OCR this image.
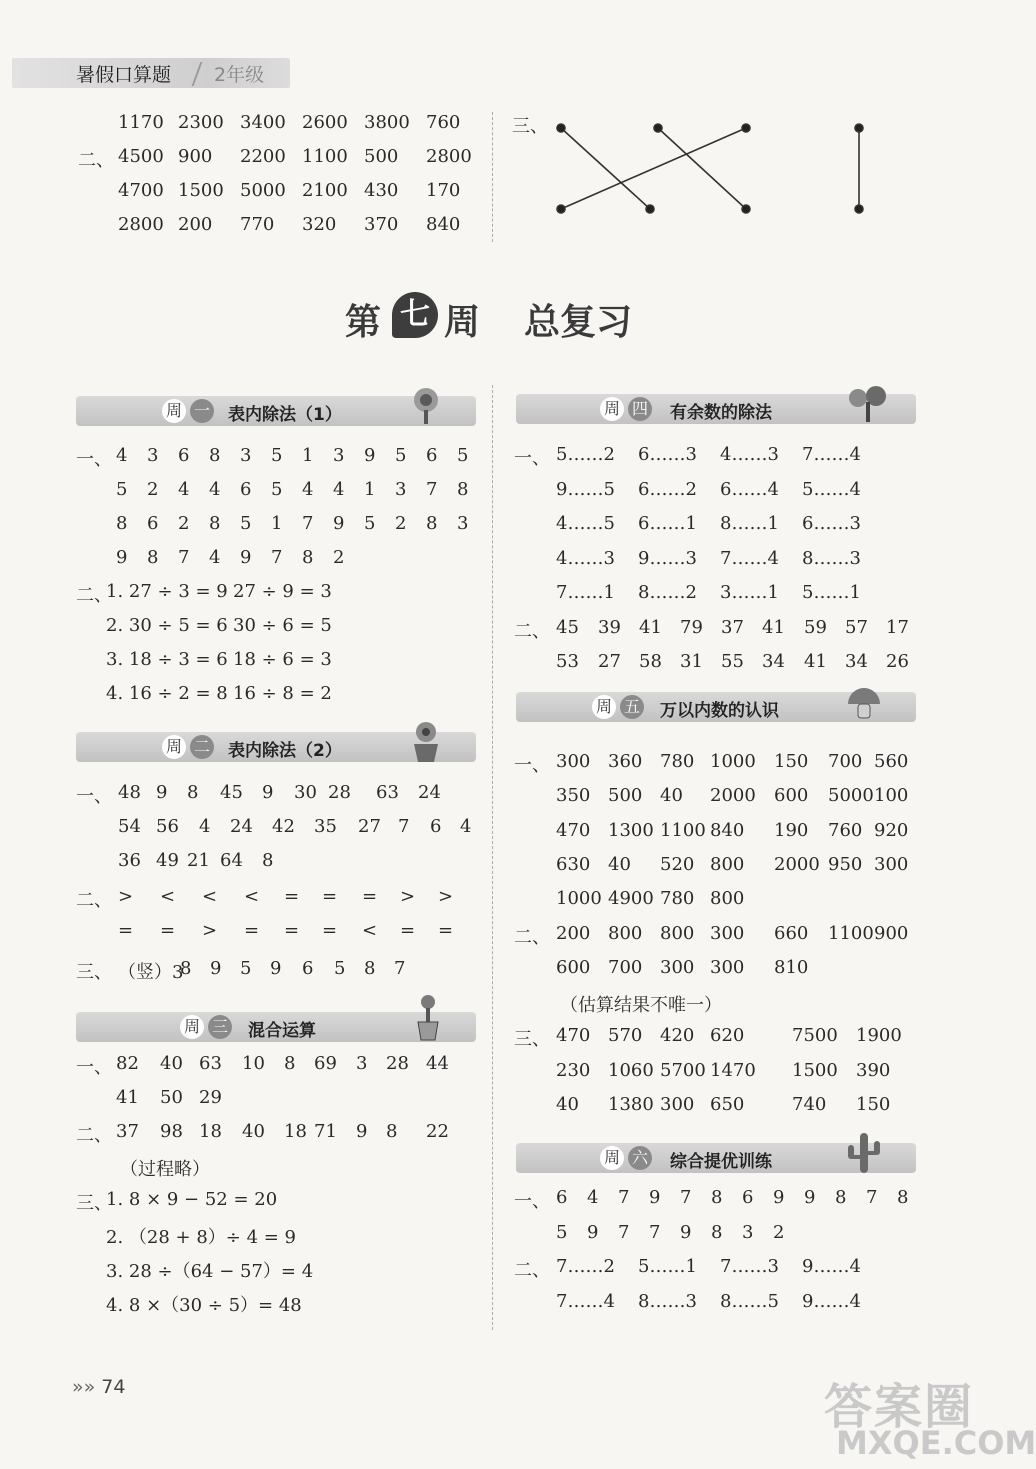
暑假口算题 2年级
1170 2300 3400 2600 3800 760
二、 4500 900 2200 1100 500 2800
4700 1500 5000 2100 430 170
2800 200 770 320 370 840
三、
第 七 周 总复习
周 一 表内除法（1）
周 二 表内除法（2）
周 三 混合运算
周 四 有余数的除法
周 五 万以内数的认识
周 六 综合提优训练
一、 4 3 6 8 3 5 1 3 9 5 6 5
5 2 4 4 6 5 4 4 1 3 7 8
8 6 2 8 5 1 7 9 5 2 8 3
9 8 7 4 9 7 8 2
二、
1. 27 ÷ 3 = 9 27 ÷ 9 = 3
2. 30 ÷ 5 = 6 30 ÷ 6 = 5
3. 18 ÷ 3 = 6 18 ÷ 6 = 3
4. 16 ÷ 2 = 8 16 ÷ 8 = 2
一、 48 9 8 45 9 30 28 63 24
54 56 4 24 42 35 27 7 6 4
36 49 21 64 8
二、 > < < < = = = > >
= = > = = = < = =
三、 （竖）3
8 9 5 9 6 5 8 7
一、 82 40 63 10 8 69 3 28 44
41 50 29
二、 37 98 18 40 18 71 9 8 22
（过程略）
三、
1. 8 × 9 − 52 = 20
2. （28 + 8）÷ 4 = 9
3. 28 ÷（64 − 57）= 4
4. 8 ×（30 ÷ 5）= 48
一、 5……2 6……3 4……3 7……4
9……5 6……2 6……4 5……4
4……5 6……1 8……1 6……3
4……3 9……3 7……4 8……3
7……1 8……2 3……1 5……1
二、 45 39 41 79 37 41 59 57 17
53 27 58 31 55 34 41 34 26
一、 300 360 780 1000 150 700 560
350 500 40 2000 600 5000 100
470 1300 1100 840 190 760 920
630 40 520 800 2000 950 300
1000 4900 780 800
二、 200 800 800 300 660 1100 900
600 700 300 300 810
（估算结果不唯一）
三、 470 570 420 620	7500 1900
230 1060 5700 1470 1500 390
40 1380 300 650	740 150
一、 6 4 7 9 7 8 6 9 9 8 7 8
5 9 7 7 9 8 3 2
二、 7……2 5……1 7……3 9……4
7……4 8……3 8……5 9……4
»» 74	答案圈
MXQE.COM
